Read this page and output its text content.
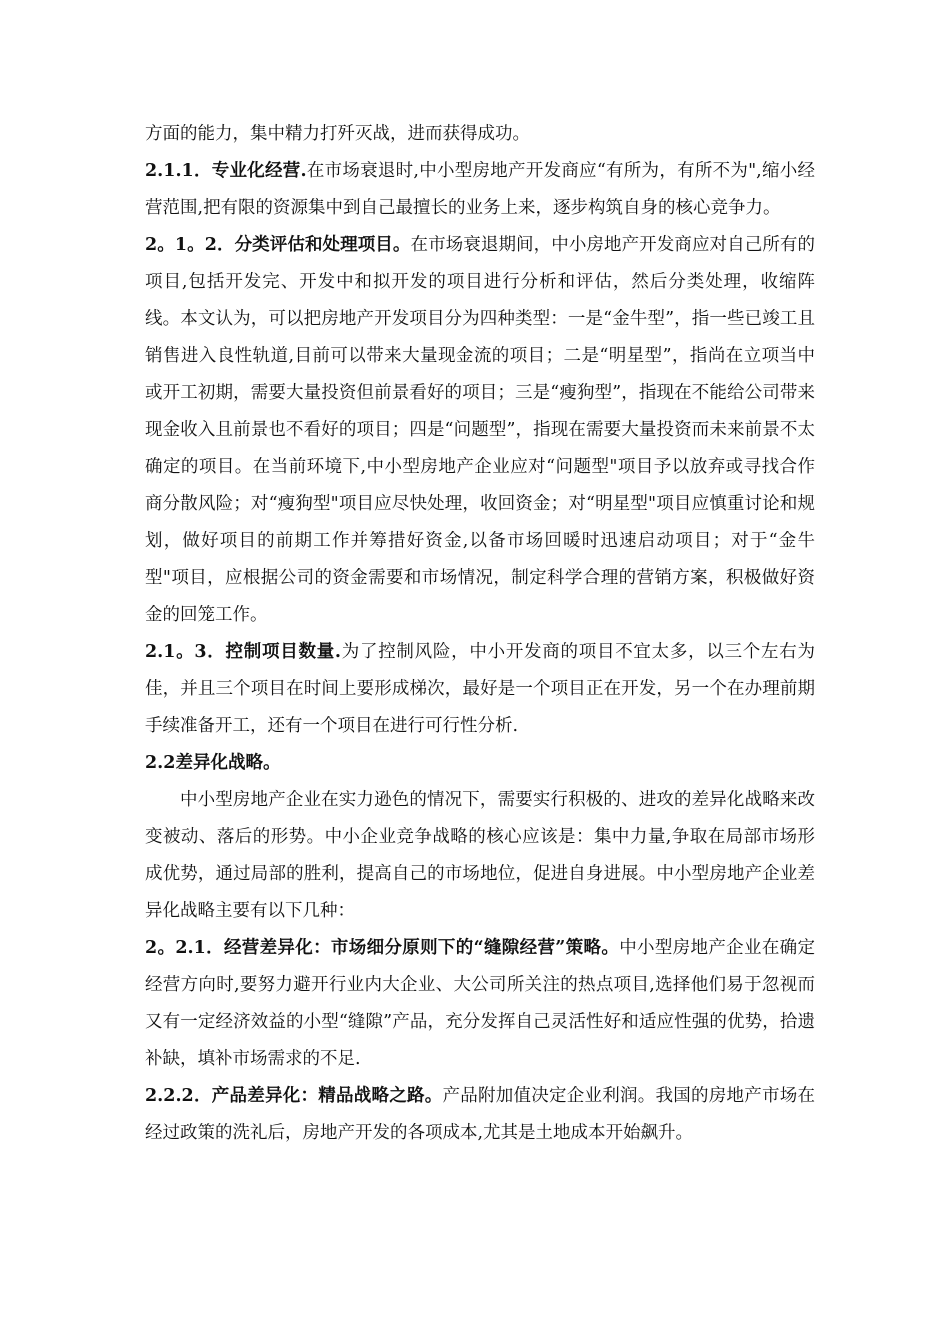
方面的能力，集中精力打歼灭战，进而获得成功。

2.1.1．专业化经营.在市场衰退时,中小型房地产开发商应“有所为，有所不为",缩小经营范围,把有限的资源集中到自己最擅长的业务上来，逐步构筑自身的核心竞争力。

2。1。2．分类评估和处理项目。在市场衰退期间，中小房地产开发商应对自己所有的项目,包括开发完、开发中和拟开发的项目进行分析和评估，然后分类处理，收缩阵线。本文认为，可以把房地产开发项目分为四种类型：一是“金牛型”，指一些已竣工且销售进入良性轨道,目前可以带来大量现金流的项目；二是“明星型”，指尚在立项当中或开工初期，需要大量投资但前景看好的项目；三是“瘦狗型”，指现在不能给公司带来现金收入且前景也不看好的项目；四是“问题型”，指现在需要大量投资而未来前景不太确定的项目。在当前环境下,中小型房地产企业应对“问题型"项目予以放弃或寻找合作商分散风险；对“瘦狗型"项目应尽快处理，收回资金；对“明星型"项目应慎重讨论和规划，做好项目的前期工作并筹措好资金,以备市场回暖时迅速启动项目；对于“金牛型"项目，应根据公司的资金需要和市场情况，制定科学合理的营销方案，积极做好资金的回笼工作。

2.1。3．控制项目数量.为了控制风险，中小开发商的项目不宜太多，以三个左右为佳，并且三个项目在时间上要形成梯次，最好是一个项目正在开发，另一个在办理前期手续准备开工，还有一个项目在进行可行性分析.

2.2差异化战略。

中小型房地产企业在实力逊色的情况下，需要实行积极的、进攻的差异化战略来改变被动、落后的形势。中小企业竞争战略的核心应该是：集中力量,争取在局部市场形成优势，通过局部的胜利，提高自己的市场地位，促进自身进展。中小型房地产企业差异化战略主要有以下几种：

2。2.1．经营差异化：市场细分原则下的“缝隙经营”策略。中小型房地产企业在确定经营方向时,要努力避开行业内大企业、大公司所关注的热点项目,选择他们易于忽视而又有一定经济效益的小型“缝隙”产品，充分发挥自己灵活性好和适应性强的优势，拾遗补缺，填补市场需求的不足.

2.2.2．产品差异化：精品战略之路。产品附加值决定企业利润。我国的房地产市场在经过政策的洗礼后，房地产开发的各项成本,尤其是土地成本开始飙升。
